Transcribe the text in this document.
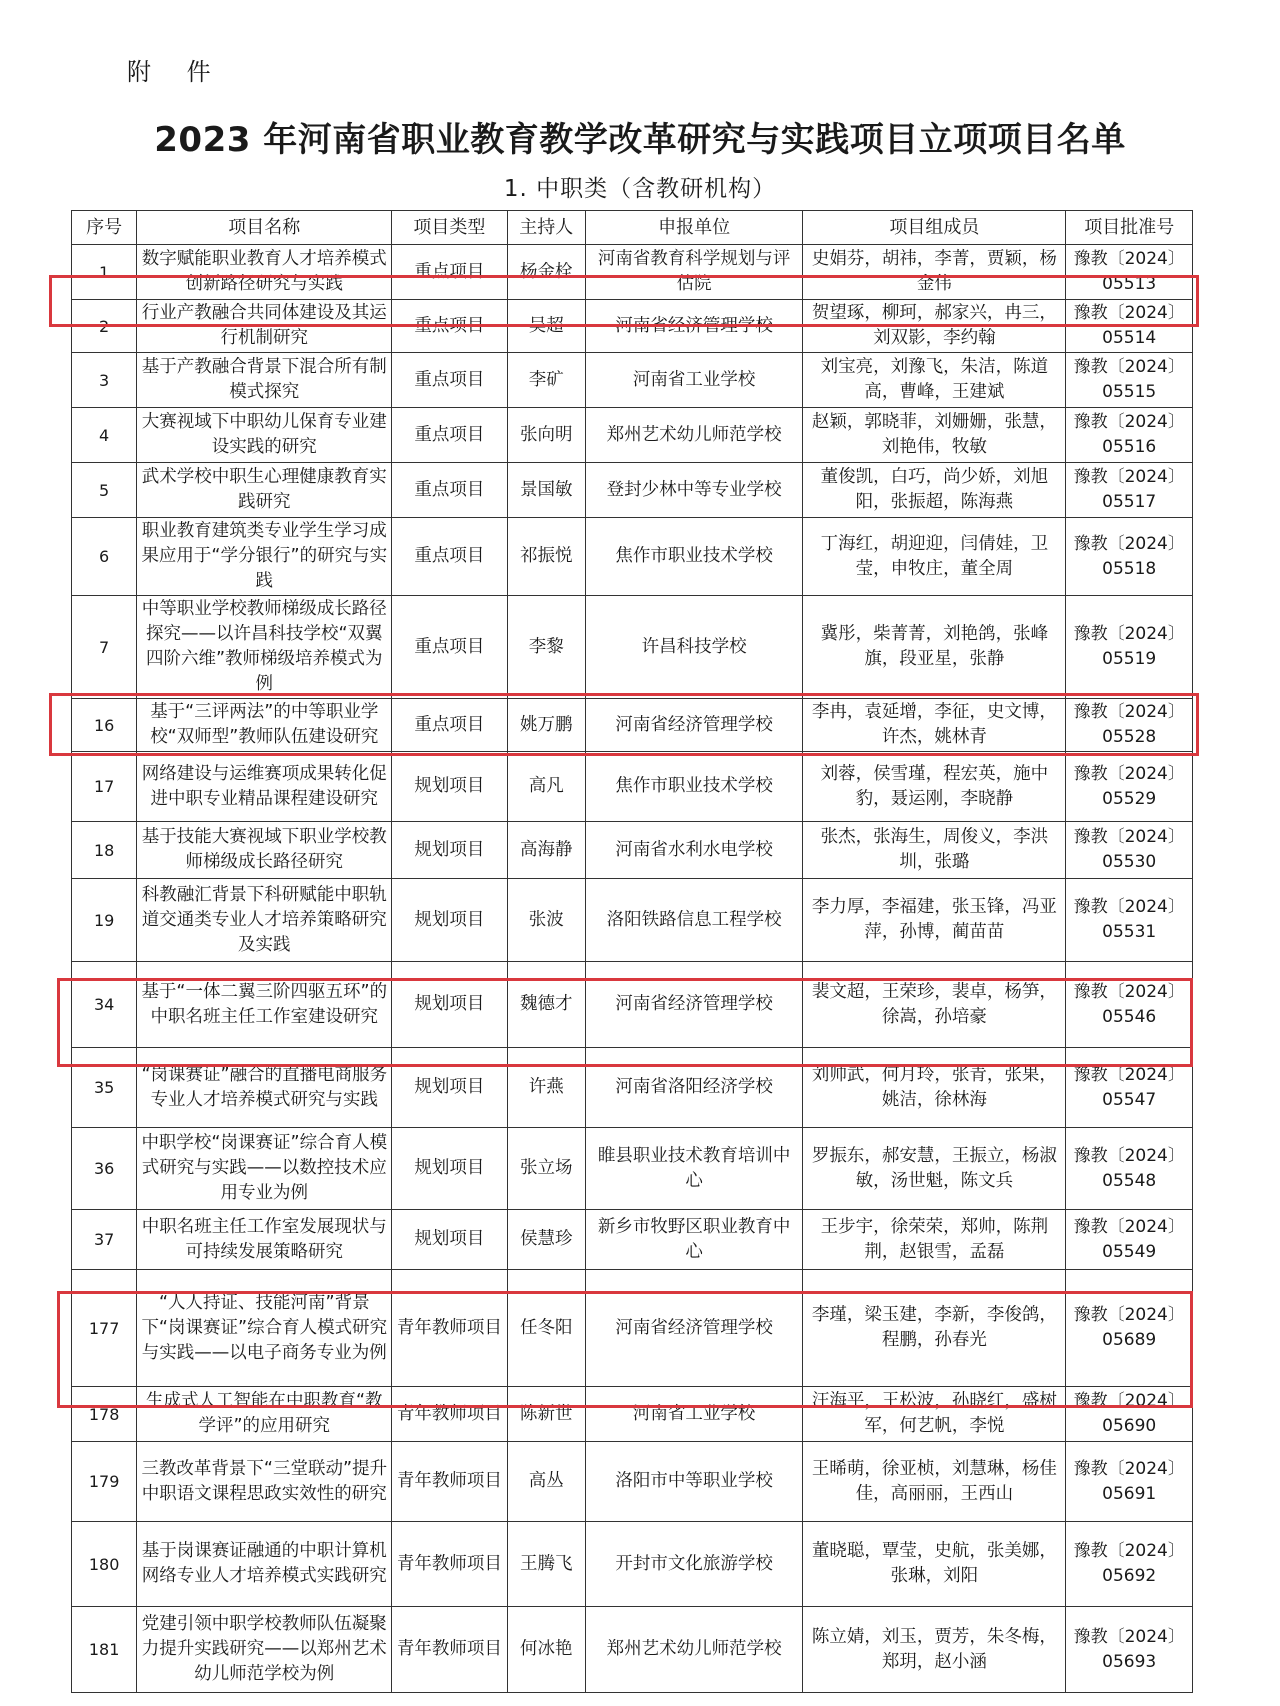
附 件
2023 年河南省职业教育教学改革研究与实践项目立项项目名单
1. 中职类（含教研机构）
序号	项目名称	项目类型	主持人	申报单位	项目组成员	项目批准号
1	数字赋能职业教育人才培养模式创新路径研究与实践	重点项目	杨金栓	河南省教育科学规划与评估院	史娟芬，胡祎，李菁，贾颖，杨金伟	豫教〔2024〕05513
2	行业产教融合共同体建设及其运行机制研究	重点项目	吴超	河南省经济管理学校	贺望琢，柳珂，郝家兴，冉三，刘双影，李约翰	豫教〔2024〕05514
3	基于产教融合背景下混合所有制模式探究	重点项目	李矿	河南省工业学校	刘宝亮，刘豫飞，朱洁，陈道高，曹峰，王建斌	豫教〔2024〕05515
4	大赛视域下中职幼儿保育专业建设实践的研究	重点项目	张向明	郑州艺术幼儿师范学校	赵颖，郭晓菲，刘姗姗，张慧，刘艳伟，牧敏	豫教〔2024〕05516
5	武术学校中职生心理健康教育实践研究	重点项目	景国敏	登封少林中等专业学校	董俊凯，白巧，尚少娇，刘旭阳，张振超，陈海燕	豫教〔2024〕05517
6	职业教育建筑类专业学生学习成果应用于“学分银行”的研究与实践	重点项目	祁振悦	焦作市职业技术学校	丁海红，胡迎迎，闫倩娃，卫莹，申牧庄，董全周	豫教〔2024〕05518
7	中等职业学校教师梯级成长路径探究——以许昌科技学校“双翼四阶六维”教师梯级培养模式为例	重点项目	李黎	许昌科技学校	冀彤，柴菁菁，刘艳鸽，张峰旗，段亚星，张静	豫教〔2024〕05519
16	基于“三评两法”的中等职业学校“双师型”教师队伍建设研究	重点项目	姚万鹏	河南省经济管理学校	李冉，袁延增，李征，史文博，许杰，姚林青	豫教〔2024〕05528
17	网络建设与运维赛项成果转化促进中职专业精品课程建设研究	规划项目	高凡	焦作市职业技术学校	刘蓉，侯雪瑾，程宏英，施中豹，聂运刚，李晓静	豫教〔2024〕05529
18	基于技能大赛视域下职业学校教师梯级成长路径研究	规划项目	高海静	河南省水利水电学校	张杰，张海生，周俊义，李洪圳，张璐	豫教〔2024〕05530
19	科教融汇背景下科研赋能中职轨道交通类专业人才培养策略研究及实践	规划项目	张波	洛阳铁路信息工程学校	李力厚，李福建，张玉锋，冯亚萍，孙博，蔺苗苗	豫教〔2024〕05531
34	基于“一体二翼三阶四驱五环”的中职名班主任工作室建设研究	规划项目	魏德才	河南省经济管理学校	裴文超，王荣珍，裴卓，杨笋，徐嵩，孙培豪	豫教〔2024〕05546
35	“岗课赛证”融合的直播电商服务专业人才培养模式研究与实践	规划项目	许燕	河南省洛阳经济学校	刘帅武，何月玲，张青，张果，姚洁，徐林海	豫教〔2024〕05547
36	中职学校“岗课赛证”综合育人模式研究与实践——以数控技术应用专业为例	规划项目	张立场	睢县职业技术教育培训中心	罗振东，郝安慧，王振立，杨淑敏，汤世魁，陈文兵	豫教〔2024〕05548
37	中职名班主任工作室发展现状与可持续发展策略研究	规划项目	侯慧珍	新乡市牧野区职业教育中心	王步宇，徐荣荣，郑帅，陈荆荆，赵银雪，孟磊	豫教〔2024〕05549
177	“人人持证、技能河南”背景下“岗课赛证”综合育人模式研究与实践——以电子商务专业为例	青年教师项目	任冬阳	河南省经济管理学校	李瑾，梁玉建，李新，李俊鸽，程鹏，孙春光	豫教〔2024〕05689
178	生成式人工智能在中职教育“教学评”的应用研究	青年教师项目	陈新世	河南省工业学校	汪海平，王松波，孙晓红，盛树军，何艺帆，李悦	豫教〔2024〕05690
179	三教改革背景下“三堂联动”提升中职语文课程思政实效性的研究	青年教师项目	高丛	洛阳市中等职业学校	王晞萌，徐亚桢，刘慧琳，杨佳佳，高丽丽，王西山	豫教〔2024〕05691
180	基于岗课赛证融通的中职计算机网络专业人才培养模式实践研究	青年教师项目	王腾飞	开封市文化旅游学校	董晓聪，覃莹，史航，张美娜，张琳，刘阳	豫教〔2024〕05692
181	党建引领中职学校教师队伍凝聚力提升实践研究——以郑州艺术幼儿师范学校为例	青年教师项目	何冰艳	郑州艺术幼儿师范学校	陈立婧，刘玉，贾芳，朱冬梅，郑玥，赵小涵	豫教〔2024〕05693
